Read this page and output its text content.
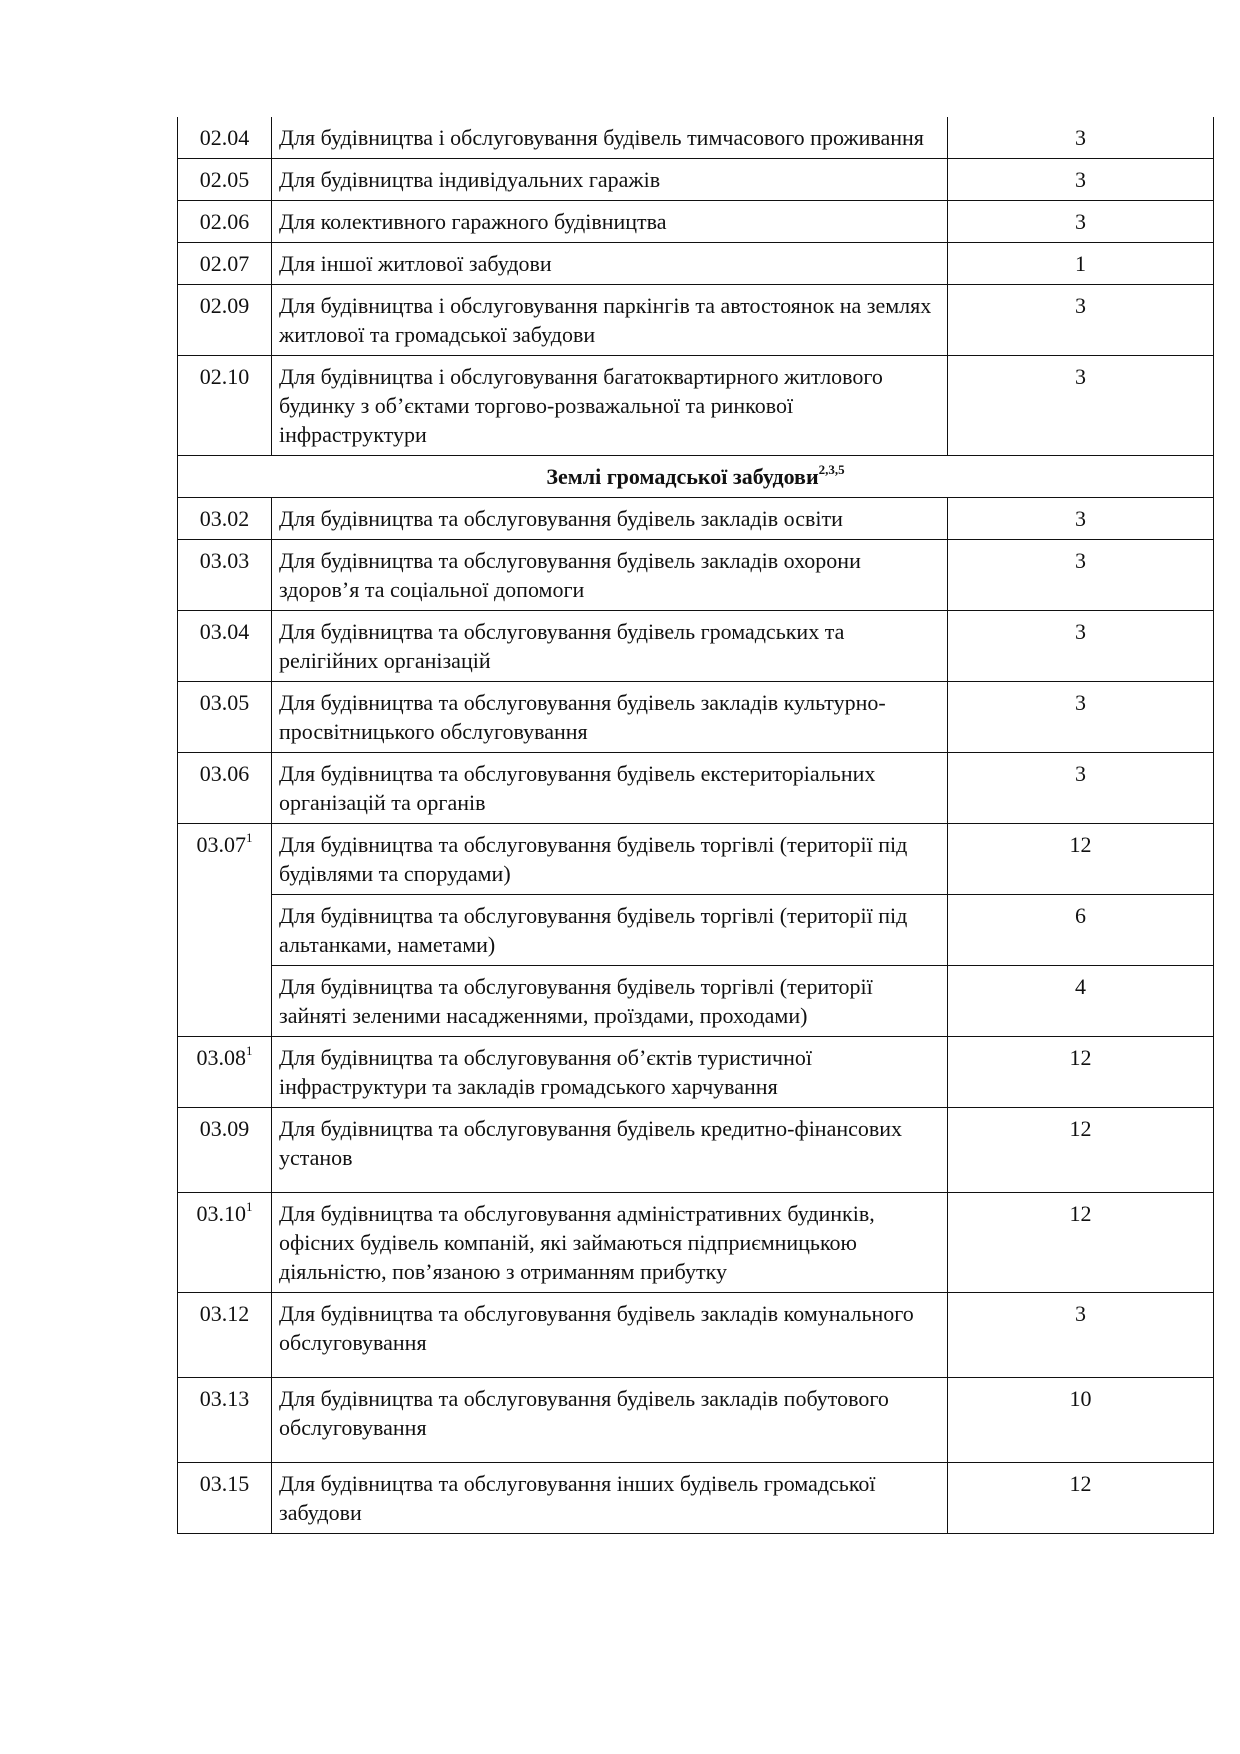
02.04	Для будівництва і обслуговування будівель тимчасового проживання	3
02.05	Для будівництва індивідуальних гаражів	3
02.06	Для колективного гаражного будівництва	3
02.07	Для іншої житлової забудови	1
02.09	Для будівництва і обслуговування паркінгів та автостоянок на землях житлової та громадської забудови	3
02.10	Для будівництва і обслуговування багатоквартирного житлового будинку з об’єктами торгово-розважальної та ринкової інфраструктури	3
Землі громадської забудови$^{2,3,5}$
03.02	Для будівництва та обслуговування будівель закладів освіти	3
03.03	Для будівництва та обслуговування будівель закладів охорони здоров’я та соціальної допомоги	3
03.04	Для будівництва та обслуговування будівель громадських та релігійних організацій	3
03.05	Для будівництва та обслуговування будівель закладів культурно-просвітницького обслуговування	3
03.06	Для будівництва та обслуговування будівель екстериторіальних організацій та органів	3
03.07$^1$	Для будівництва та обслуговування будівель торгівлі (території під будівлями та спорудами)	12
	Для будівництва та обслуговування будівель торгівлі (території під альтанками, наметами)	6
	Для будівництва та обслуговування будівель торгівлі (території зайняті зеленими насадженнями, проїздами, проходами)	4
03.08$^1$	Для будівництва та обслуговування об’єктів туристичної інфраструктури та закладів громадського харчування	12
03.09	Для будівництва та обслуговування будівель кредитно-фінансових установ	12
03.10$^1$	Для будівництва та обслуговування адміністративних будинків, офісних будівель компаній, які займаються підприємницькою діяльністю, пов’язаною з отриманням прибутку	12
03.12	Для будівництва та обслуговування будівель закладів комунального обслуговування	3
03.13	Для будівництва та обслуговування будівель закладів побутового обслуговування	10
03.15	Для будівництва та обслуговування інших будівель громадської забудови	12
